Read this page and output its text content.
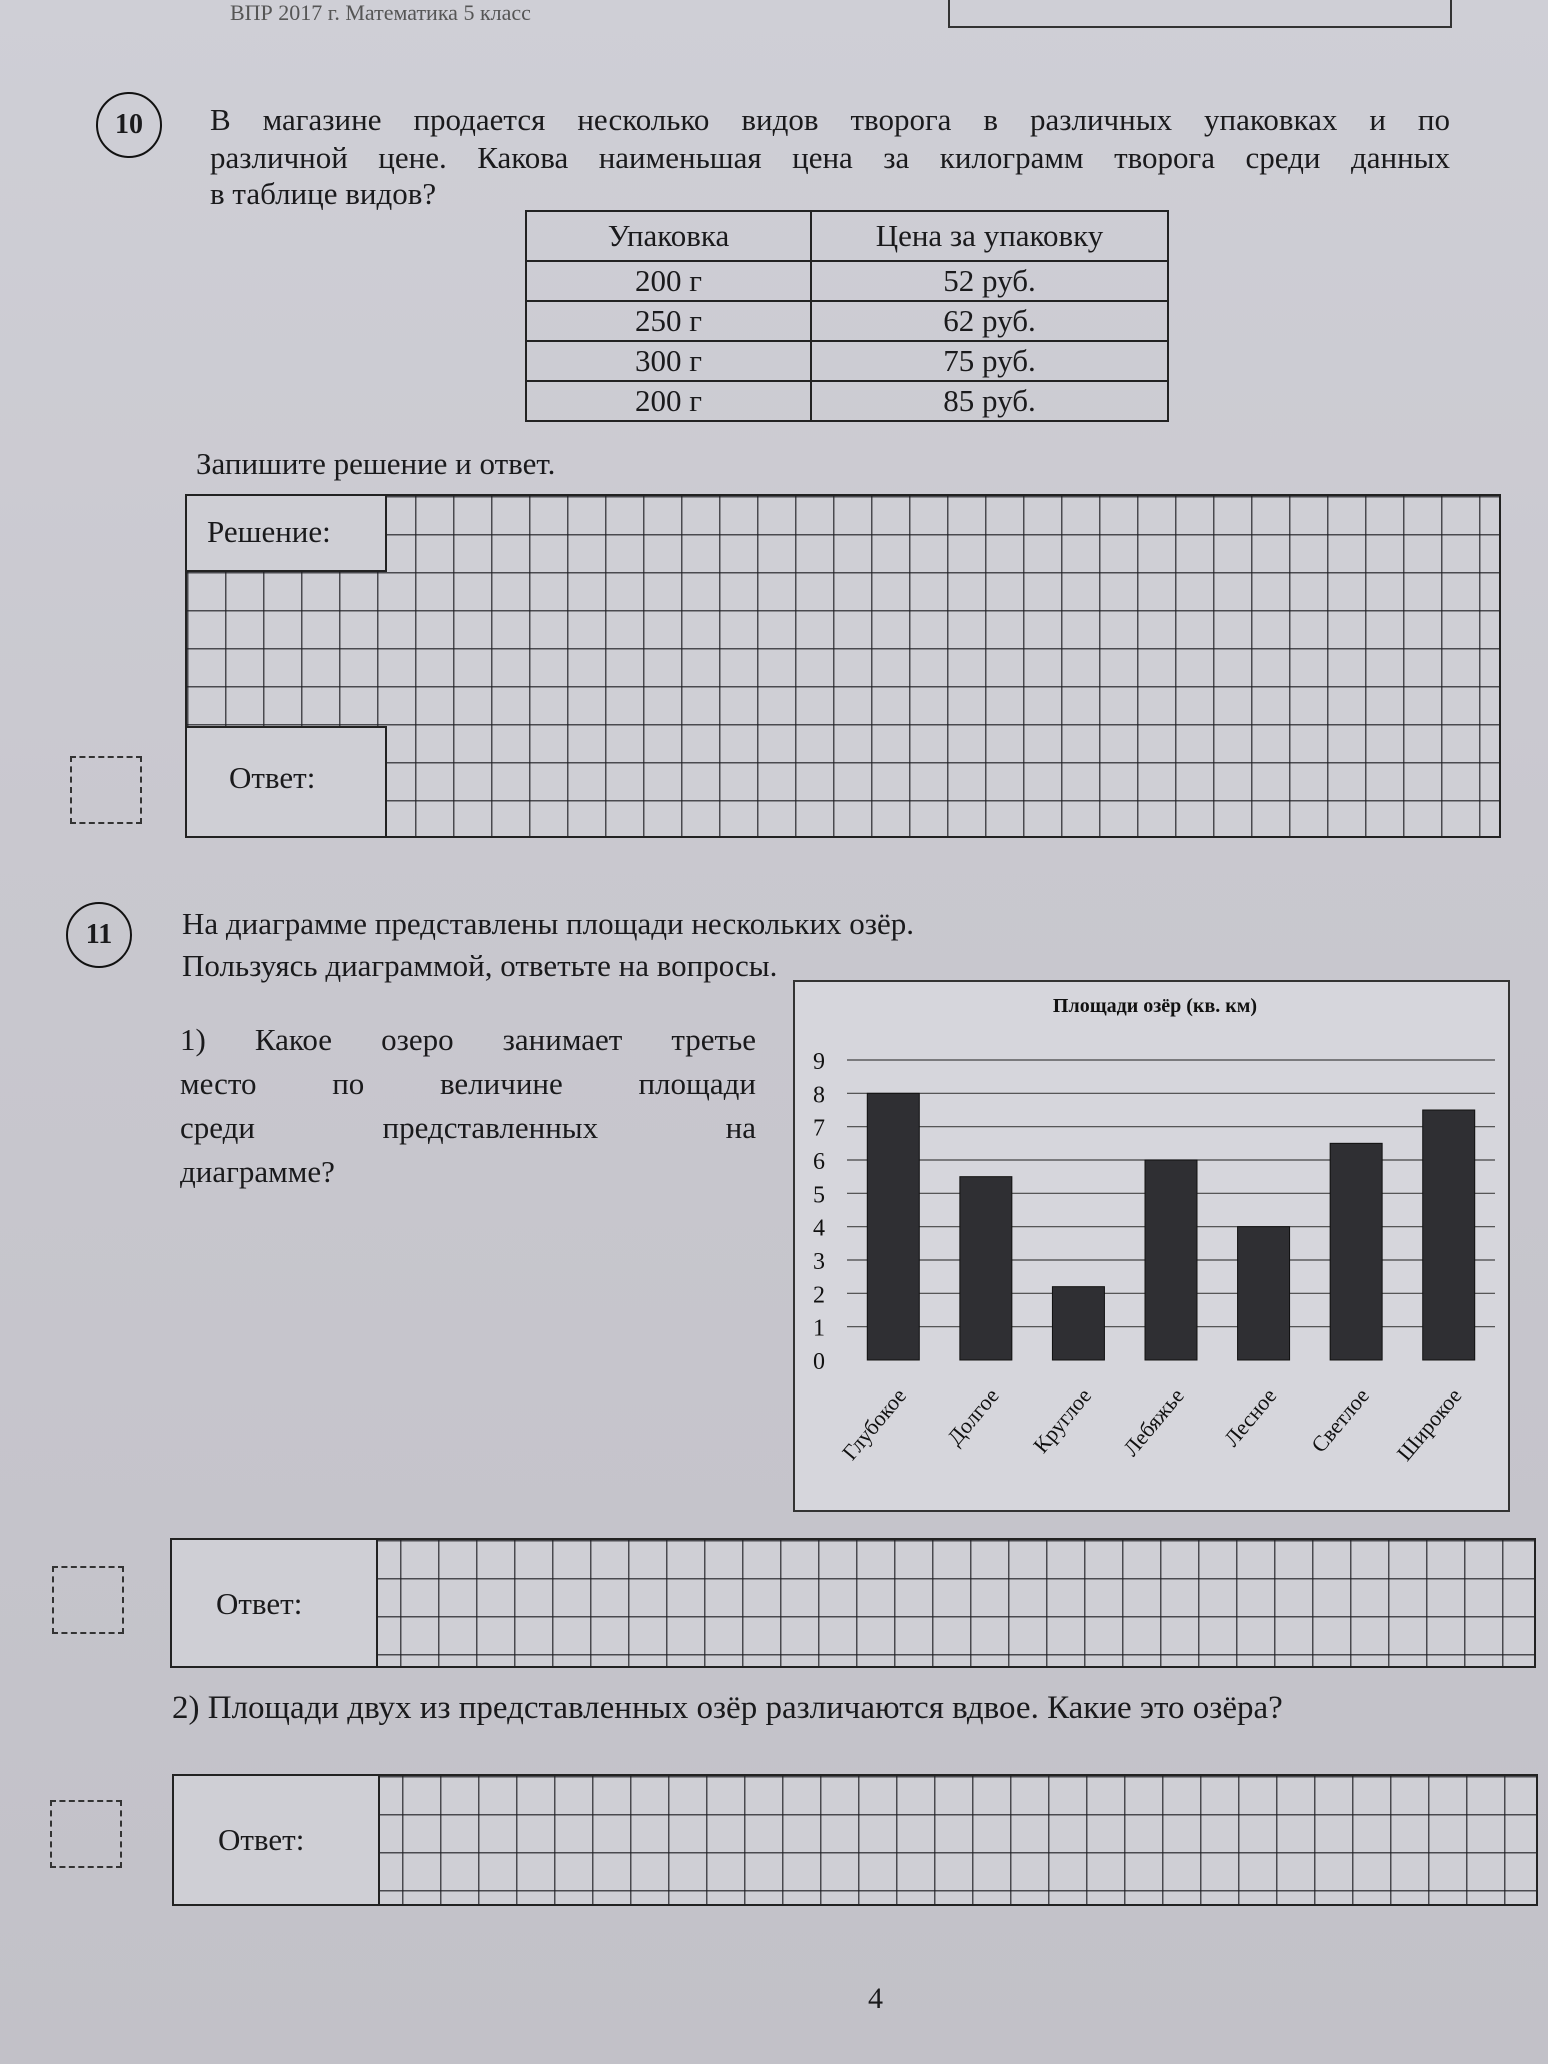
ВПР 2017 г. Математика 5 класс
10 В магазине продается несколько видов творога в различных упаковках и по
различной цене. Какова наименьшая цена за килограмм творога среди данных
в таблице видов?
Упаковка	Цена за упаковку
200 г	52 руб.
250 г	62 руб.
300 г	75 руб.
200 г	85 руб.
Запишите решение и ответ.
Решение:
Ответ:
11 На диаграмме представлены площади нескольких озёр.
Пользуясь диаграммой, ответьте на вопросы.
1) Какое озеро занимает третье
место по величине площади
среди представленных на
диаграмме?
Площади озёр (кв. км)
0
1
2
3
4
5
6
7
8
9
Глубокое Долгое Круглое Лебяжье Лесное Светлое Широкое
Ответ:
2) Площади двух из представленных озёр различаются вдвое. Какие это озёра?
Ответ:
4
